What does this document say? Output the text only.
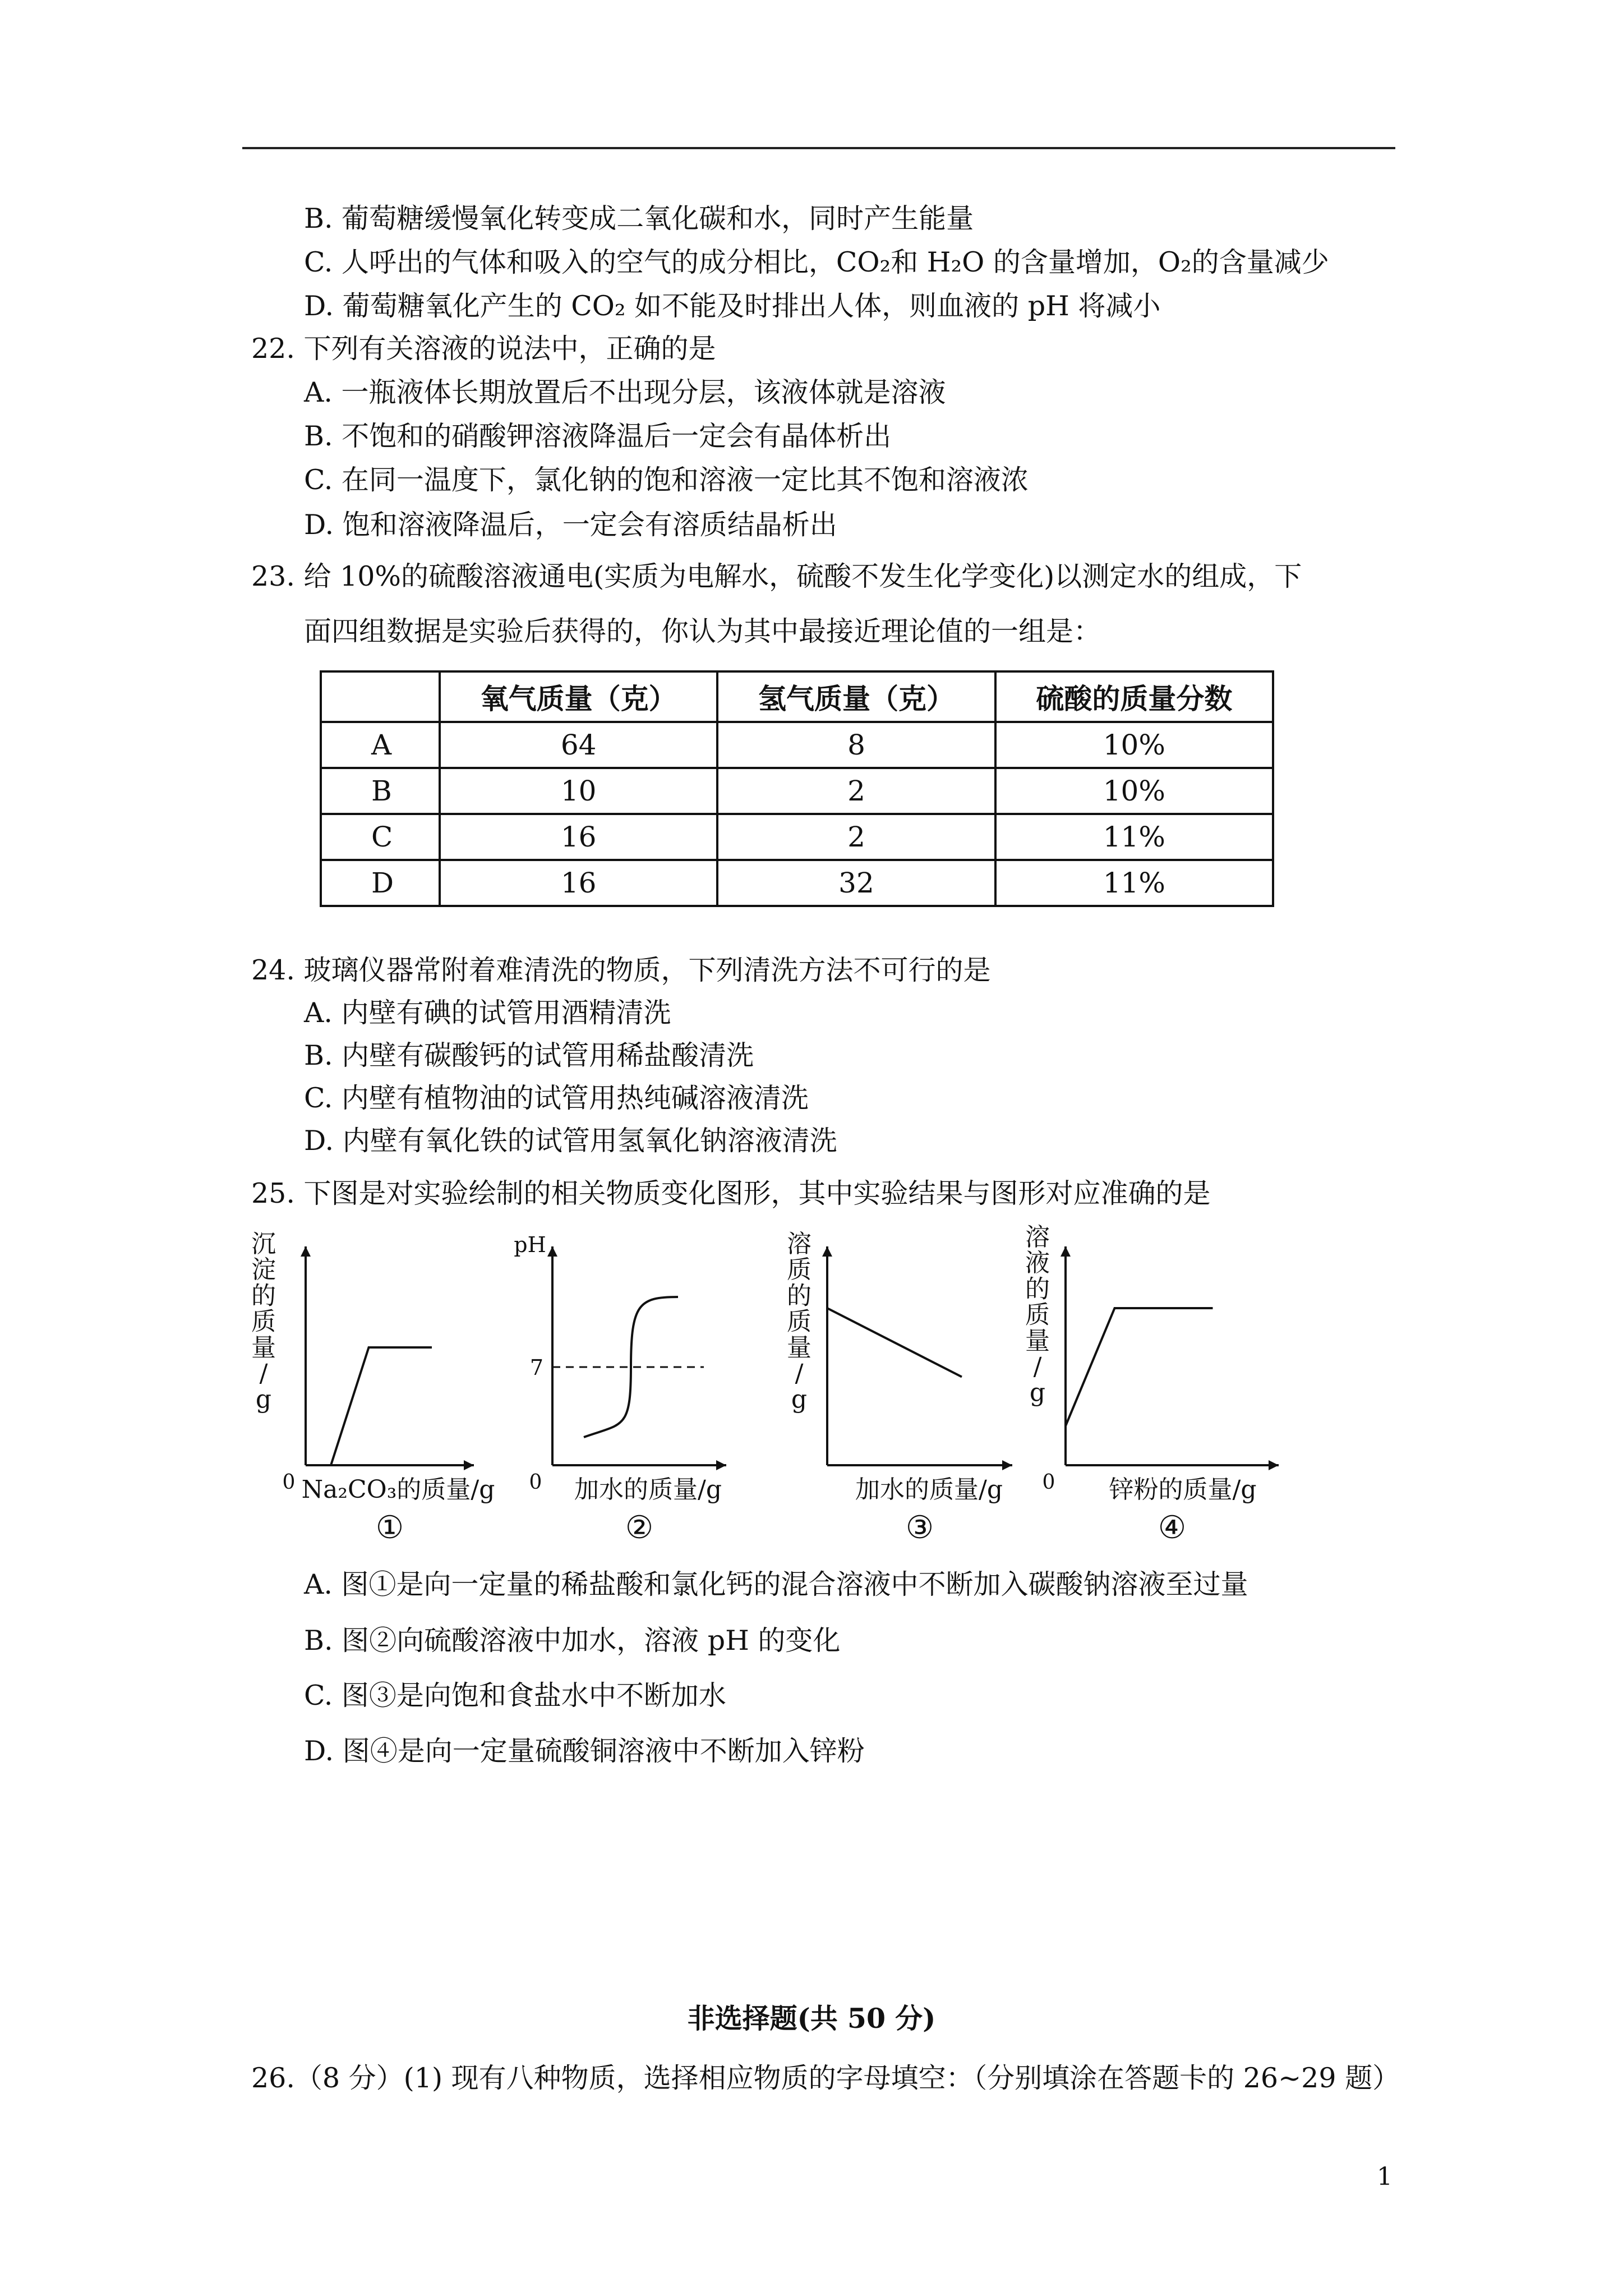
B. 葡萄糖缓慢氧化转变成二氧化碳和水，同时产生能量
C. 人呼出的气体和吸入的空气的成分相比，CO₂和 H₂O 的含量增加，O₂的含量减少
D. 葡萄糖氧化产生的 CO₂ 如不能及时排出人体，则血液的 pH 将减小
22. 下列有关溶液的说法中，正确的是
A. 一瓶液体长期放置后不出现分层，该液体就是溶液
B. 不饱和的硝酸钾溶液降温后一定会有晶体析出
C. 在同一温度下，氯化钠的饱和溶液一定比其不饱和溶液浓
D. 饱和溶液降温后，一定会有溶质结晶析出
23. 给 10%的硫酸溶液通电(实质为电解水，硫酸不发生化学变化)以测定水的组成，下
面四组数据是实验后获得的，你认为其中最接近理论值的一组是：
	氧气质量（克）	氢气质量（克）	硫酸的质量分数
A	64	8	10%
B	10	2	10%
C	16	2	11%
D	16	32	11%
24. 玻璃仪器常附着难清洗的物质，下列清洗方法不可行的是
A. 内壁有碘的试管用酒精清洗
B. 内壁有碳酸钙的试管用稀盐酸清洗
C. 内壁有植物油的试管用热纯碱溶液清洗
D. 内壁有氧化铁的试管用氢氧化钠溶液清洗
25. 下图是对实验绘制的相关物质变化图形，其中实验结果与图形对应准确的是
0
沉淀的质量/ g
Na₂CO₃的质量/g
①
7
0
pH
加水的质量/g
②
溶质的质量/ g
加水的质量/g
③
0
溶液的质量/ g
锌粉的质量/g
④
A. 图①是向一定量的稀盐酸和氯化钙的混合溶液中不断加入碳酸钠溶液至过量
B. 图②向硫酸溶液中加水，溶液 pH 的变化
C. 图③是向饱和食盐水中不断加水
D. 图④是向一定量硫酸铜溶液中不断加入锌粉
非选择题(共 50 分)
26.（8 分）(1) 现有八种物质，选择相应物质的字母填空：（分别填涂在答题卡的 26~29 题）
1
